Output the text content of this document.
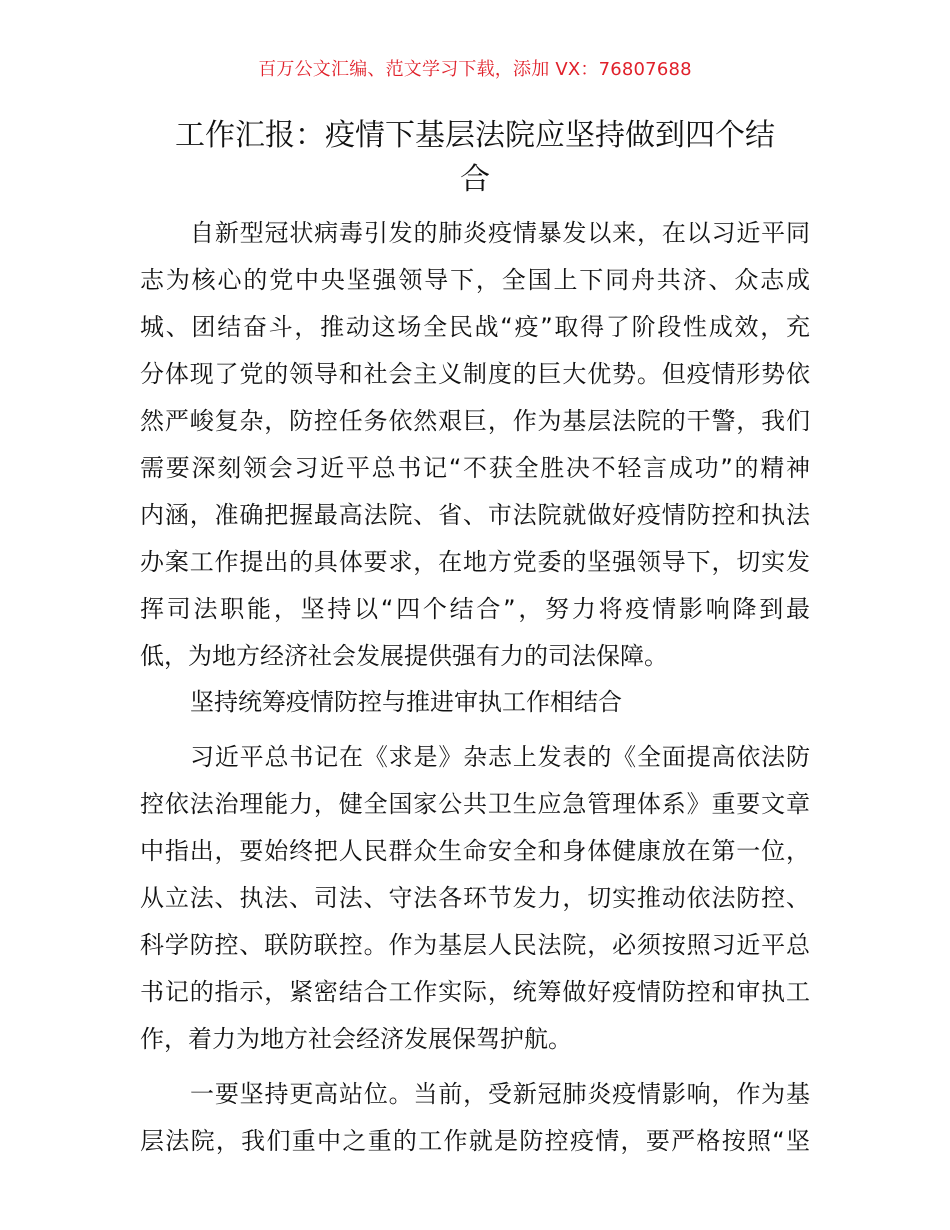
百万公文汇编、范文学习下载，添加 VX：76807688
工作汇报：疫情下基层法院应坚持做到四个结
合
自新型冠状病毒引发的肺炎疫情暴发以来，在以习近平同
志为核心的党中央坚强领导下，全国上下同舟共济、众志成
城、团结奋斗，推动这场全民战“疫”取得了阶段性成效，充
分体现了党的领导和社会主义制度的巨大优势。但疫情形势依
然严峻复杂，防控任务依然艰巨，作为基层法院的干警，我们
需要深刻领会习近平总书记“不获全胜决不轻言成功”的精神
内涵，准确把握最高法院、省、市法院就做好疫情防控和执法
办案工作提出的具体要求，在地方党委的坚强领导下，切实发
挥司法职能，坚持以“四个结合”，努力将疫情影响降到最
低，为地方经济社会发展提供强有力的司法保障。
坚持统筹疫情防控与推进审执工作相结合
习近平总书记在《求是》杂志上发表的《全面提高依法防
控依法治理能力，健全国家公共卫生应急管理体系》重要文章
中指出，要始终把人民群众生命安全和身体健康放在第一位，
从立法、执法、司法、守法各环节发力，切实推动依法防控、
科学防控、联防联控。作为基层人民法院，必须按照习近平总
书记的指示，紧密结合工作实际，统筹做好疫情防控和审执工
作，着力为地方社会经济发展保驾护航。
一要坚持更高站位。当前，受新冠肺炎疫情影响，作为基
层法院，我们重中之重的工作就是防控疫情，要严格按照“坚
